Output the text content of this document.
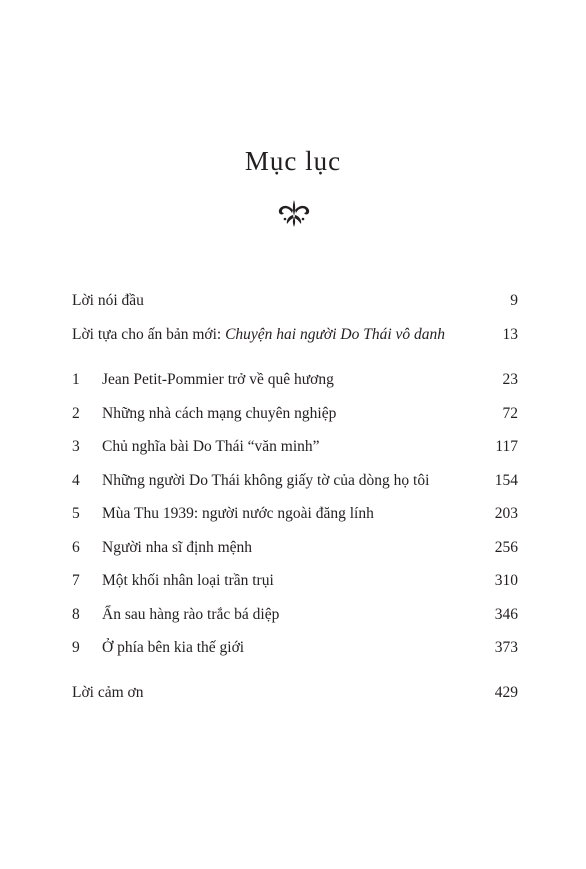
Mục lục
Lời nói đầu	9
Lời tựa cho ấn bản mới: Chuyện hai người Do Thái vô danh	13
1 Jean Petit-Pommier trở về quê hương	23
2 Những nhà cách mạng chuyên nghiệp	72
3 Chủ nghĩa bài Do Thái “văn minh”	117
4 Những người Do Thái không giấy tờ của dòng họ tôi	154
5 Mùa Thu 1939: người nước ngoài đăng lính	203
6 Người nha sĩ định mệnh	256
7 Một khối nhân loại trần trụi	310
8 Ẩn sau hàng rào trắc bá diệp	346
9 Ở phía bên kia thế giới	373
Lời cảm ơn	429
